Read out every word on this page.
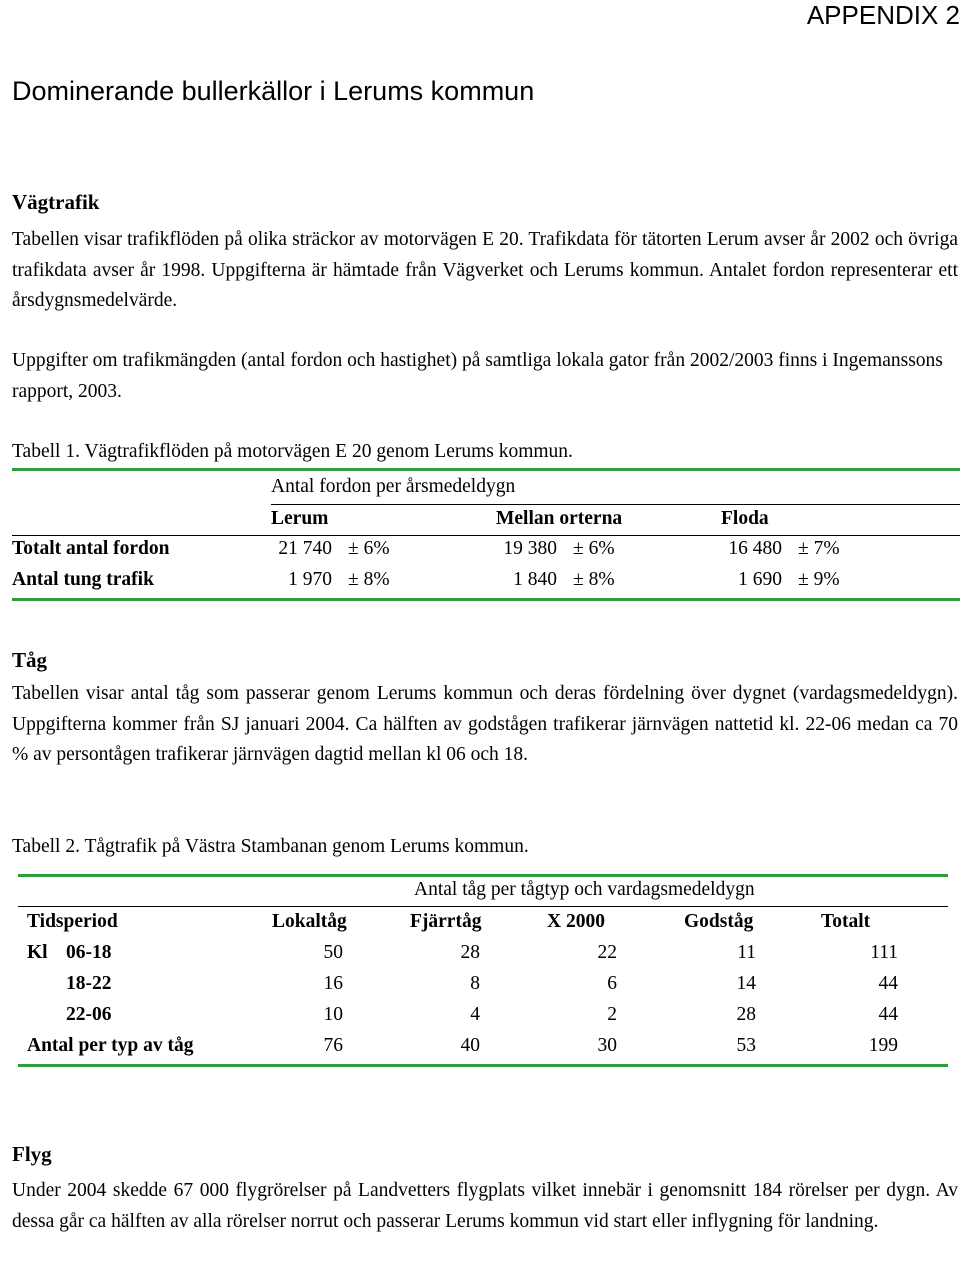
APPENDIX 2
Dominerande bullerkällor i Lerums kommun
Vägtrafik
Tabellen visar trafikflöden på olika sträckor av motorvägen E 20. Trafikdata för tätorten Lerum avser år 2002 och övriga trafikdata avser år 1998. Uppgifterna är hämtade från Vägverket och Lerums kommun. Antalet fordon representerar ett årsdygnsmedelvärde.
Uppgifter om trafikmängden (antal fordon och hastighet) på samtliga lokala gator från 2002/2003 finns i Ingemanssons rapport, 2003.
Tabell 1. Vägtrafikflöden på motorvägen E 20 genom Lerums kommun.
Antal fordon per årsmedeldygn
Lerum	Mellan orterna	Floda
Totalt antal fordon	21 740 ± 6%	19 380 ± 6%	16 480 ± 7%
Antal tung trafik	1 970 ± 8%	1 840 ± 8%	1 690 ± 9%
Tåg
Tabellen visar antal tåg som passerar genom Lerums kommun och deras fördelning över dygnet (vardagsmedeldygn). Uppgifterna kommer från SJ januari 2004. Ca hälften av godstågen trafikerar järnvägen nattetid kl. 22-06 medan ca 70 % av persontågen trafikerar järnvägen dagtid mellan kl 06 och 18.
Tabell 2. Tågtrafik på Västra Stambanan genom Lerums kommun.
Antal tåg per tågtyp och vardagsmedeldygn
Tidsperiod	Lokaltåg	Fjärrtåg	X 2000	Godståg	Totalt
Kl 06-18	50	28	22	11	111
18-22	16	8	6	14	44
22-06	10	4	2	28	44
Antal per typ av tåg	76	40	30	53	199
Flyg
Under 2004 skedde 67 000 flygrörelser på Landvetters flygplats vilket innebär i genomsnitt 184 rörelser per dygn. Av dessa går ca hälften av alla rörelser norrut och passerar Lerums kommun vid start eller inflygning för landning.
